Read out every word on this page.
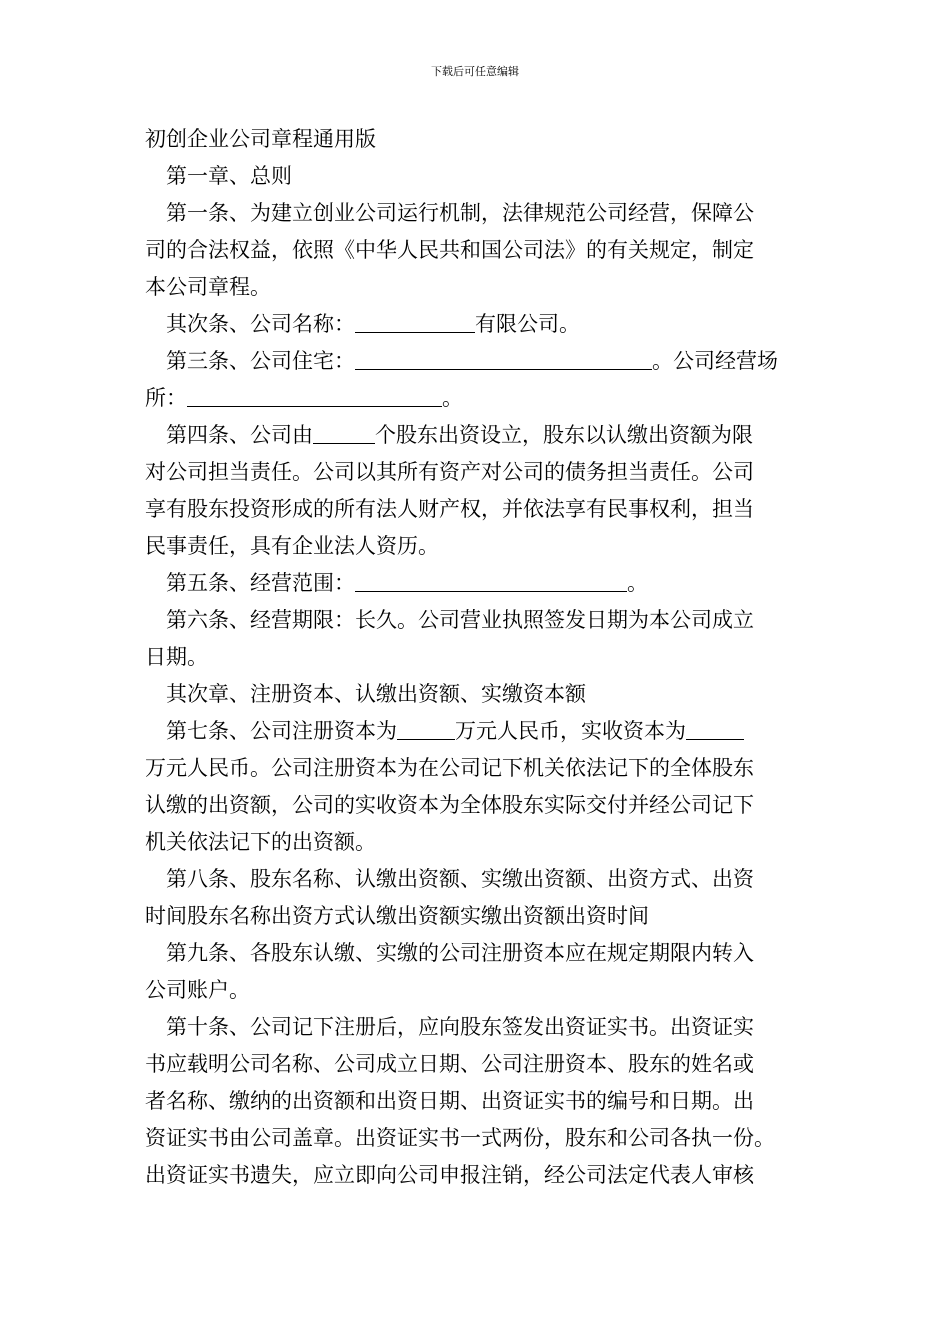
下载后可任意编辑
初创企业公司章程通用版
第一章、总则
第一条、为建立创业公司运行机制，法律规范公司经营，保障公
司的合法权益，依照《中华人民共和国公司法》的有关规定，制定
本公司章程。
其次条、公司名称：	有限公司。
第三条、公司住宅：	。公司经营场
所：	。
第四条、公司由	个股东出资设立，股东以认缴出资额为限
对公司担当责任。公司以其所有资产对公司的债务担当责任。公司
享有股东投资形成的所有法人财产权，并依法享有民事权利，担当
民事责任，具有企业法人资历。
第五条、经营范围：	。
第六条、经营期限：长久。公司营业执照签发日期为本公司成立
日期。
其次章、注册资本、认缴出资额、实缴资本额
第七条、公司注册资本为	万元人民币，实收资本为
万元人民币。公司注册资本为在公司记下机关依法记下的全体股东
认缴的出资额，公司的实收资本为全体股东实际交付并经公司记下
机关依法记下的出资额。
第八条、股东名称、认缴出资额、实缴出资额、出资方式、出资
时间股东名称出资方式认缴出资额实缴出资额出资时间
第九条、各股东认缴、实缴的公司注册资本应在规定期限内转入
公司账户。
第十条、公司记下注册后，应向股东签发出资证实书。出资证实
书应载明公司名称、公司成立日期、公司注册资本、股东的姓名或
者名称、缴纳的出资额和出资日期、出资证实书的编号和日期。出
资证实书由公司盖章。出资证实书一式两份，股东和公司各执一份。
出资证实书遗失，应立即向公司申报注销，经公司法定代表人审核
